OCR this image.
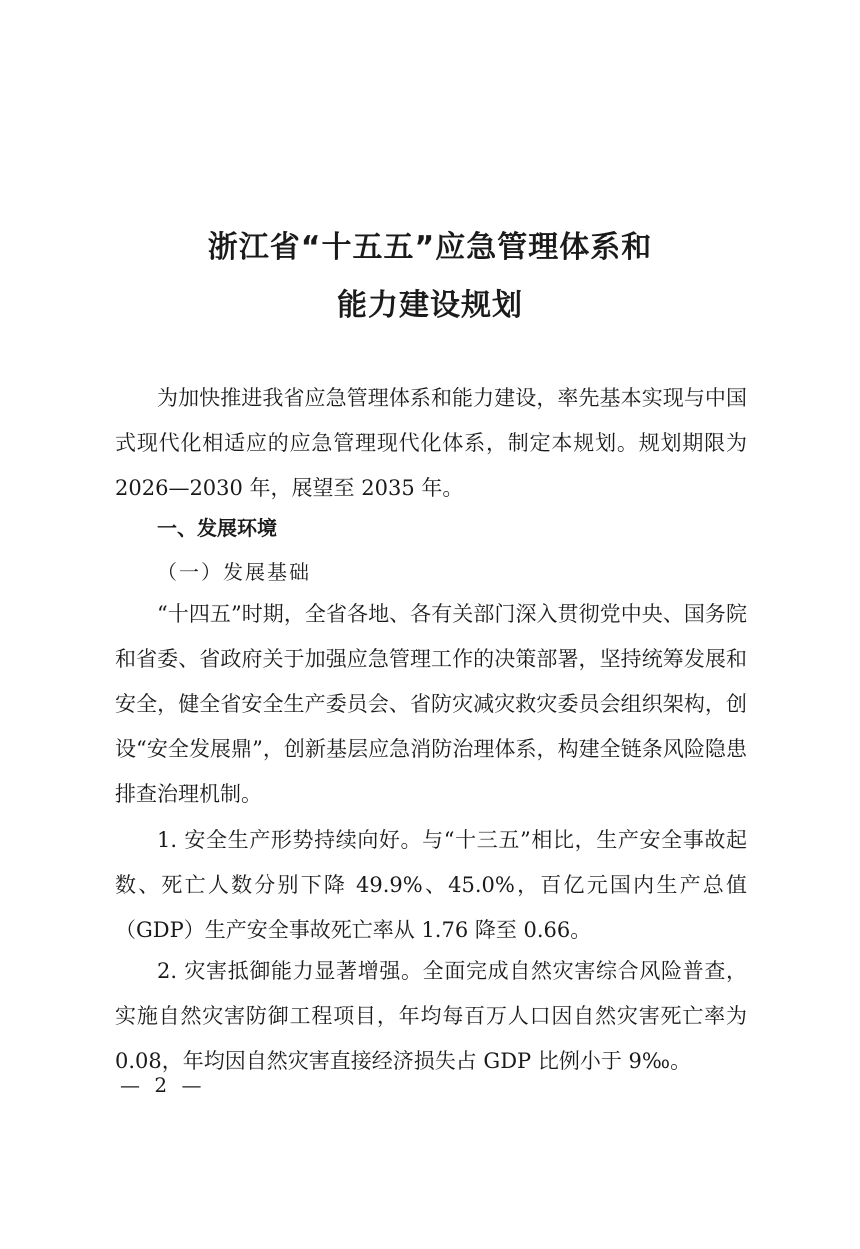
浙江省“十五五”应急管理体系和
能力建设规划

为加快推进我省应急管理体系和能力建设，率先基本实现与中国式现代化相适应的应急管理现代化体系，制定本规划。规划期限为 2026—2030 年，展望至 2035 年。

一、发展环境
（一）发展基础

“十四五”时期，全省各地、各有关部门深入贯彻党中央、国务院和省委、省政府关于加强应急管理工作的决策部署，坚持统筹发展和安全，健全省安全生产委员会、省防灾减灾救灾委员会组织架构，创设“安全发展鼎”，创新基层应急消防治理体系，构建全链条风险隐患排查治理机制。

1. 安全生产形势持续向好。与“十三五”相比，生产安全事故起数、死亡人数分别下降 49.9%、45.0%，百亿元国内生产总值（GDP）生产安全事故死亡率从 1.76 降至 0.66。

2. 灾害抵御能力显著增强。全面完成自然灾害综合风险普查，实施自然灾害防御工程项目，年均每百万人口因自然灾害死亡率为 0.08，年均因自然灾害直接经济损失占 GDP 比例小于 9‰。

— 2 —
